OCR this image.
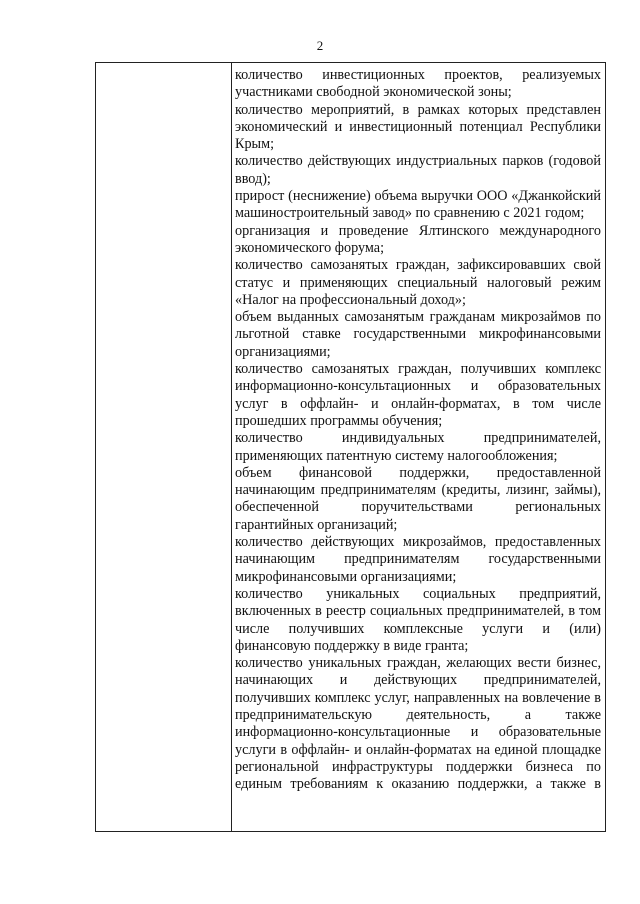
2

количество инвестиционных проектов, реализуемых участниками свободной экономической зоны;

количество мероприятий, в рамках которых представлен экономический и инвестиционный потенциал Республики Крым;

количество действующих индустриальных парков (годовой ввод);

прирост (неснижение) объема выручки ООО «Джанкойский машиностроительный завод» по сравнению с 2021 годом;

организация и проведение Ялтинского международного экономического форума;

количество самозанятых граждан, зафиксировавших свой статус и применяющих специальный налоговый режим «Налог на профессиональный доход»;

объем выданных самозанятым гражданам микрозаймов по льготной ставке государственными микрофинансовыми организациями;

количество самозанятых граждан, получивших комплекс информационно-консультационных и образовательных услуг в оффлайн- и онлайн-форматах, в том числе прошедших программы обучения;

количество индивидуальных предпринимателей, применяющих патентную систему налогообложения;

объем финансовой поддержки, предоставленной начинающим предпринимателям (кредиты, лизинг, займы), обеспеченной поручительствами региональных гарантийных организаций;

количество действующих микрозаймов, предоставленных начинающим предпринимателям государственными микрофинансовыми организациями;

количество уникальных социальных предприятий, включенных в реестр социальных предпринимателей, в том числе получивших комплексные услуги и (или) финансовую поддержку в виде гранта;

количество уникальных граждан, желающих вести бизнес, начинающих и действующих предпринимателей, получивших комплекс услуг, направленных на вовлечение в предпринимательскую деятельность, а также информационно-консультационные и образовательные услуги в оффлайн- и онлайн-форматах на единой площадке региональной инфраструктуры поддержки бизнеса по единым требованиям к оказанию поддержки, а также в
